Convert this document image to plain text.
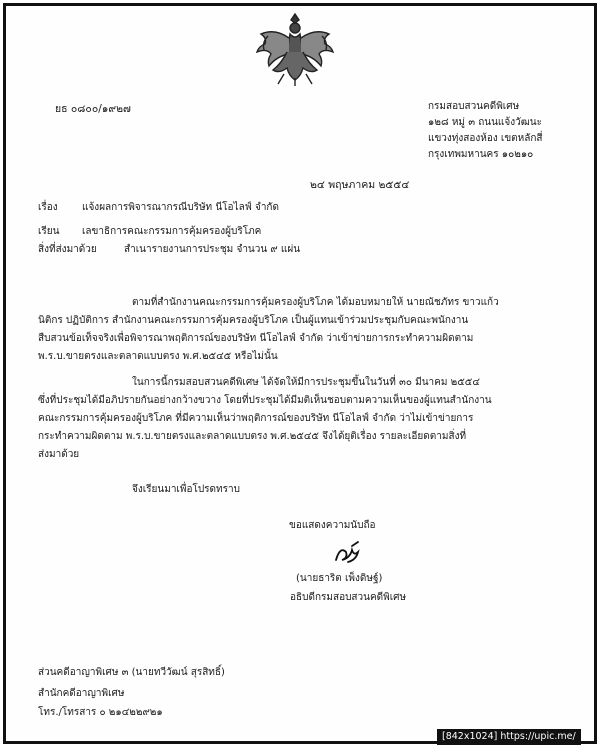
ยธ ๐๘๐๐/๑๙๒๗	กรมสอบสวนคดีพิเศษ
๑๒๘ หมู่ ๓ ถนนแจ้งวัฒนะ
แขวงทุ่งสองห้อง เขตหลักสี่
กรุงเทพมหานคร ๑๐๒๑๐
๒๔ พฤษภาคม ๒๕๕๔
เรื่อง แจ้งผลการพิจารณากรณีบริษัท นีโอไลฟ์ จำกัด
เรียน เลขาธิการคณะกรรมการคุ้มครองผู้บริโภค
สิ่งที่ส่งมาด้วย	สำเนารายงานการประชุม จำนวน ๙ แผ่น
ตามที่สำนักงานคณะกรรมการคุ้มครองผู้บริโภค ได้มอบหมายให้ นายณัชภัทร ขาวแก้ว
นิติกร ปฏิบัติการ สำนักงานคณะกรรมการคุ้มครองผู้บริโภค เป็นผู้แทนเข้าร่วมประชุมกับคณะพนักงาน
สืบสวนข้อเท็จจริงเพื่อพิจารณาพฤติการณ์ของบริษัท นีโอไลฟ์ จำกัด ว่าเข้าข่ายการกระทำความผิดตาม
พ.ร.บ.ขายตรงและตลาดแบบตรง พ.ศ.๒๕๔๕ หรือไม่นั้น
ในการนี้กรมสอบสวนคดีพิเศษ ได้จัดให้มีการประชุมขึ้นในวันที่ ๓๐ มีนาคม ๒๕๕๔
ซึ่งที่ประชุมได้มีอภิปรายกันอย่างกว้างขวาง โดยที่ประชุมได้มีมติเห็นชอบตามความเห็นของผู้แทนสำนักงาน
คณะกรรมการคุ้มครองผู้บริโภค ที่มีความเห็นว่าพฤติการณ์ของบริษัท นีโอไลฟ์ จำกัด ว่าไม่เข้าข่ายการ
กระทำความผิดตาม พ.ร.บ.ขายตรงและตลาดแบบตรง พ.ศ.๒๕๔๕ จึงได้ยุติเรื่อง รายละเอียดตามสิ่งที่
ส่งมาด้วย
จึงเรียนมาเพื่อโปรดทราบ
ขอแสดงความนับถือ
(นายธาริต เพ็งดิษฐ์)
อธิบดีกรมสอบสวนคดีพิเศษ
ส่วนคดีอาญาพิเศษ ๓ (นายทวีวัฒน์ สุรสิทธิ์)
สำนักคดีอาญาพิเศษ
โทร./โทรสาร ๐ ๒๑๔๒๒๙๒๑
[842x1024] https://upic.me/
